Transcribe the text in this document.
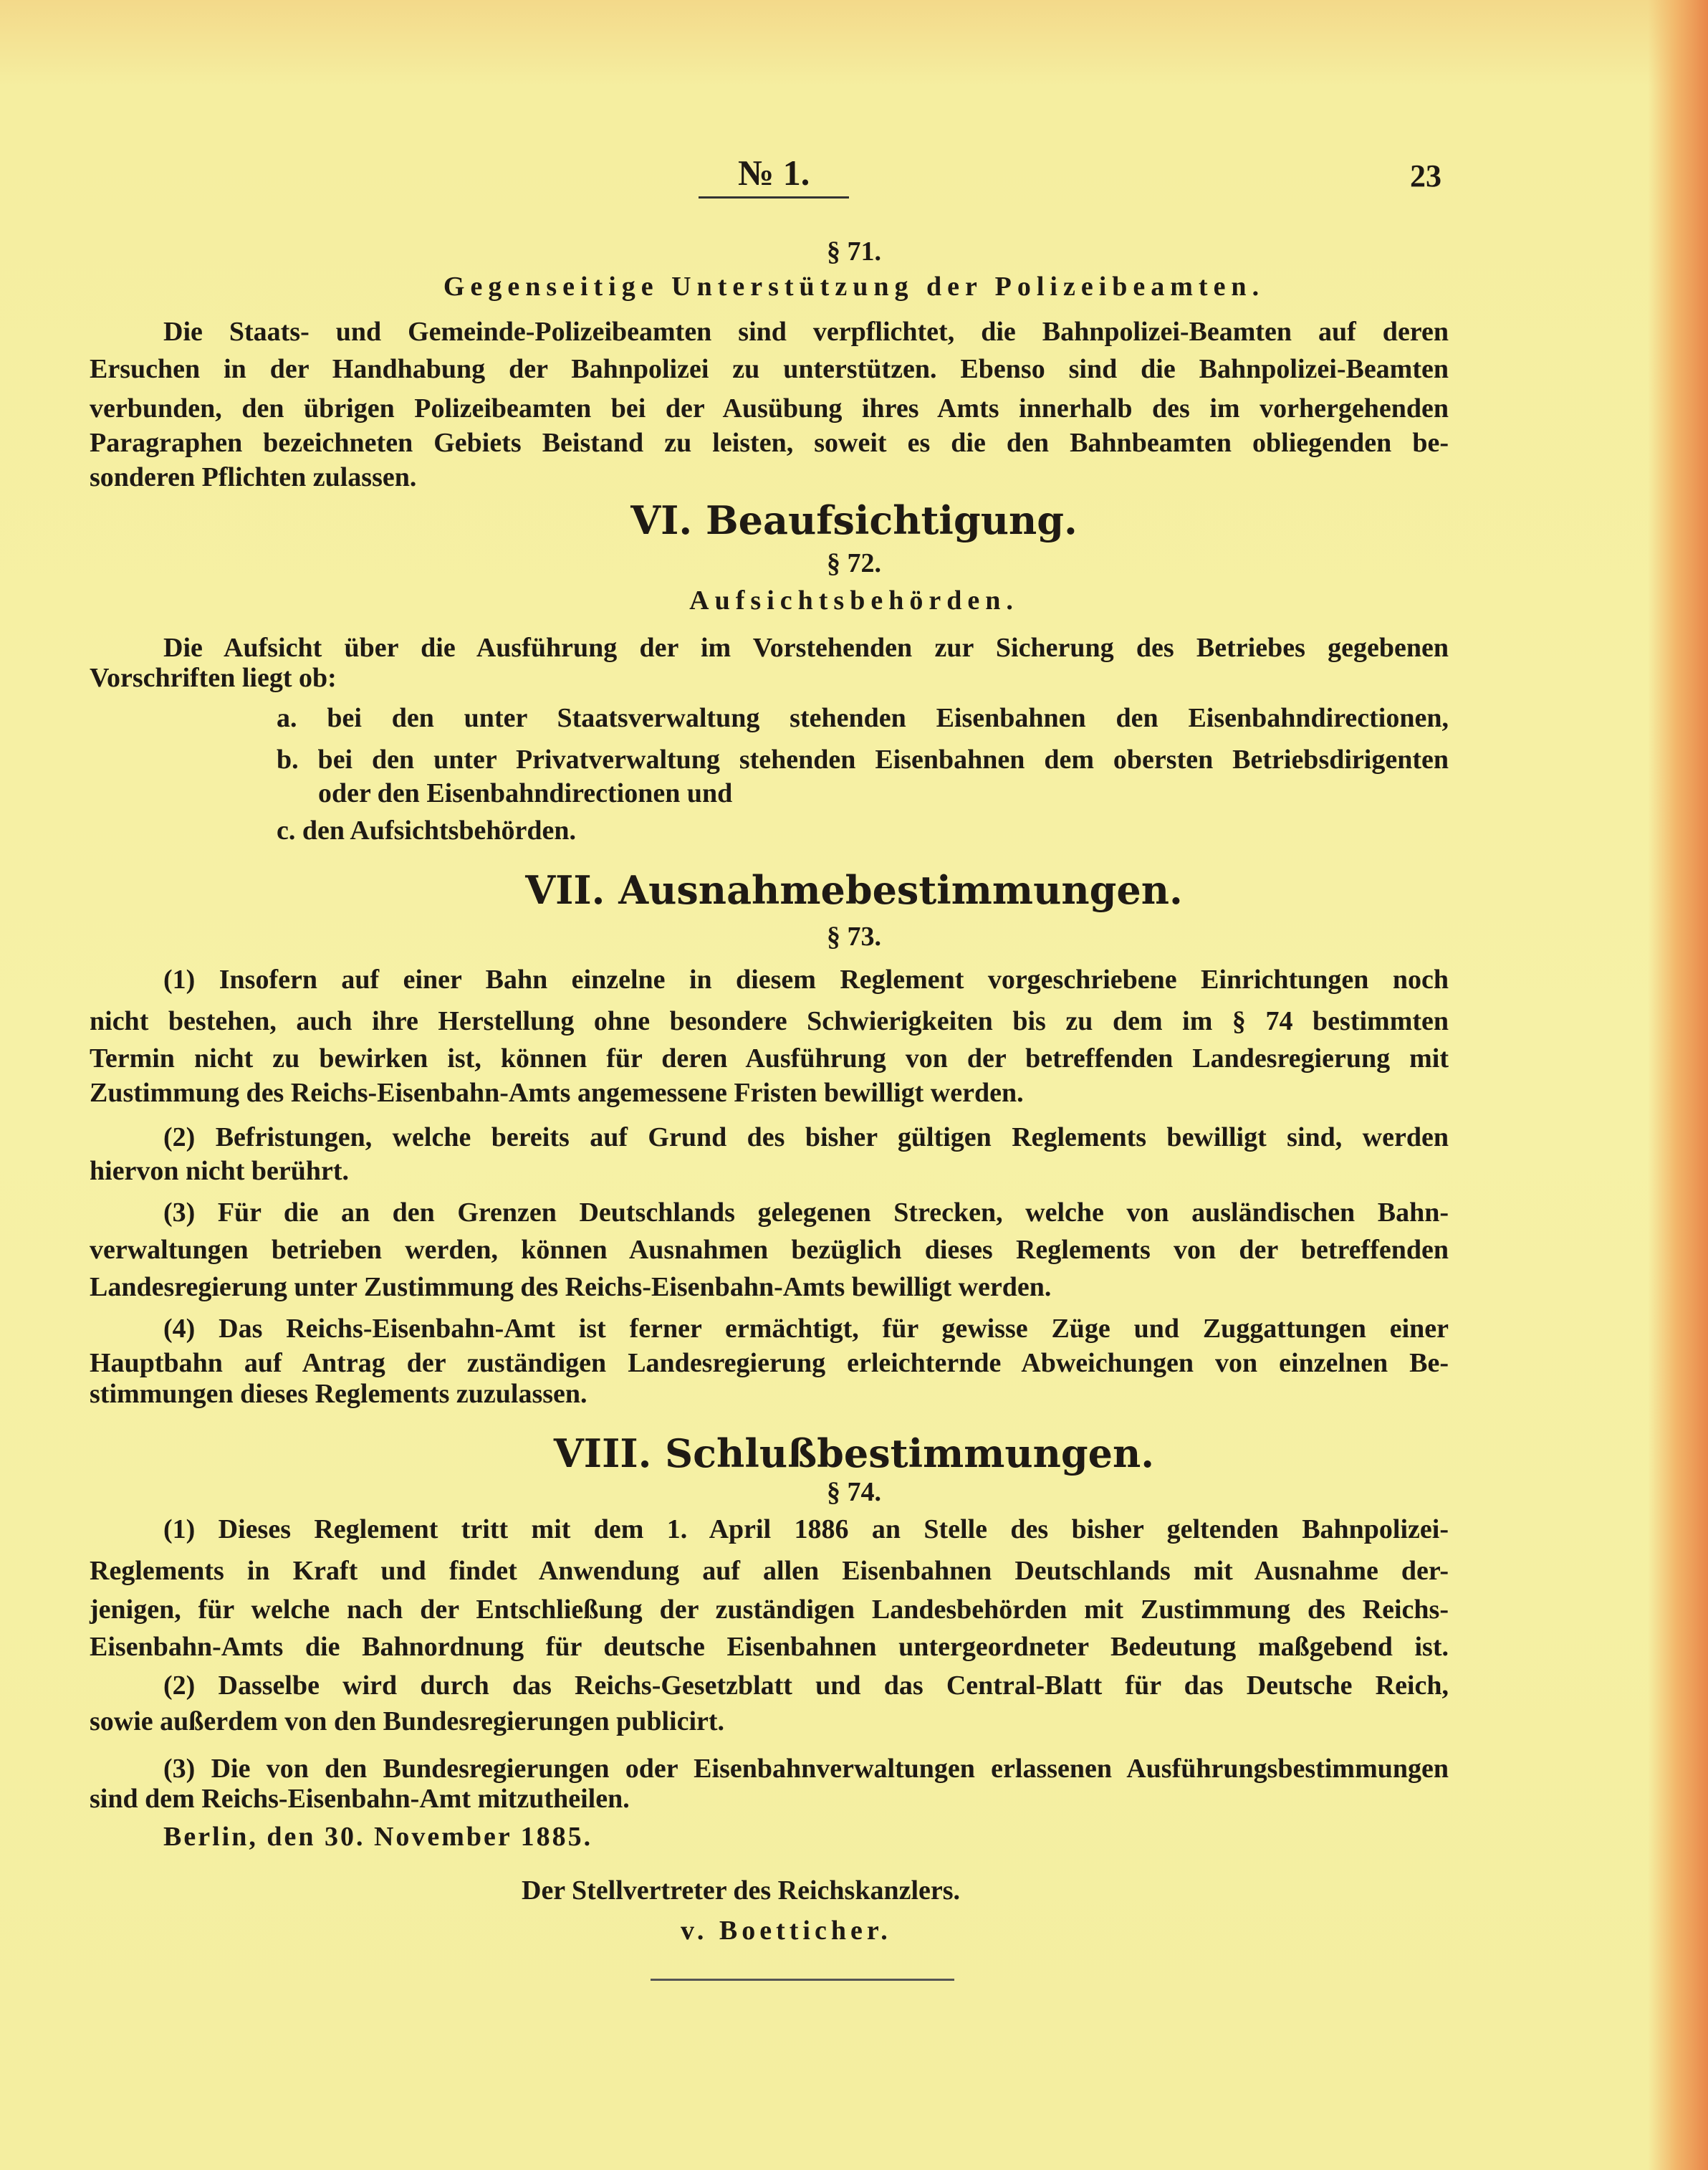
№ 1.	23
§ 71.
Gegenseitige Unterstützung der Polizeibeamten.
Die Staats- und Gemeinde-Polizeibeamten sind verpflichtet, die Bahnpolizei-Beamten auf deren
Ersuchen in der Handhabung der Bahnpolizei zu unterstützen. Ebenso sind die Bahnpolizei-Beamten
verbunden, den übrigen Polizeibeamten bei der Ausübung ihres Amts innerhalb des im vorhergehenden
Paragraphen bezeichneten Gebiets Beistand zu leisten, soweit es die den Bahnbeamten obliegenden be-
sonderen Pflichten zulassen.
VI. Beaufsichtigung.
§ 72.
Aufsichtsbehörden.
Die Aufsicht über die Ausführung der im Vorstehenden zur Sicherung des Betriebes gegebenen
Vorschriften liegt ob:
a. bei den unter Staatsverwaltung stehenden Eisenbahnen den Eisenbahndirectionen,
b. bei den unter Privatverwaltung stehenden Eisenbahnen dem obersten Betriebsdirigenten
oder den Eisenbahndirectionen und
c. den Aufsichtsbehörden.
VII. Ausnahmebestimmungen.
§ 73.
(1) Insofern auf einer Bahn einzelne in diesem Reglement vorgeschriebene Einrichtungen noch
nicht bestehen, auch ihre Herstellung ohne besondere Schwierigkeiten bis zu dem im § 74 bestimmten
Termin nicht zu bewirken ist, können für deren Ausführung von der betreffenden Landesregierung mit
Zustimmung des Reichs-Eisenbahn-Amts angemessene Fristen bewilligt werden.
(2) Befristungen, welche bereits auf Grund des bisher gültigen Reglements bewilligt sind, werden
hiervon nicht berührt.
(3) Für die an den Grenzen Deutschlands gelegenen Strecken, welche von ausländischen Bahn-
verwaltungen betrieben werden, können Ausnahmen bezüglich dieses Reglements von der betreffenden
Landesregierung unter Zustimmung des Reichs-Eisenbahn-Amts bewilligt werden.
(4) Das Reichs-Eisenbahn-Amt ist ferner ermächtigt, für gewisse Züge und Zuggattungen einer
Hauptbahn auf Antrag der zuständigen Landesregierung erleichternde Abweichungen von einzelnen Be-
stimmungen dieses Reglements zuzulassen.
VIII. Schlußbestimmungen.
§ 74.
(1) Dieses Reglement tritt mit dem 1. April 1886 an Stelle des bisher geltenden Bahnpolizei-
Reglements in Kraft und findet Anwendung auf allen Eisenbahnen Deutschlands mit Ausnahme der-
jenigen, für welche nach der Entschließung der zuständigen Landesbehörden mit Zustimmung des Reichs-
Eisenbahn-Amts die Bahnordnung für deutsche Eisenbahnen untergeordneter Bedeutung maßgebend ist.
(2) Dasselbe wird durch das Reichs-Gesetzblatt und das Central-Blatt für das Deutsche Reich,
sowie außerdem von den Bundesregierungen publicirt.
(3) Die von den Bundesregierungen oder Eisenbahnverwaltungen erlassenen Ausführungsbestimmungen
sind dem Reichs-Eisenbahn-Amt mitzutheilen.
Berlin, den 30. November 1885.
Der Stellvertreter des Reichskanzlers.
v. Boetticher.
